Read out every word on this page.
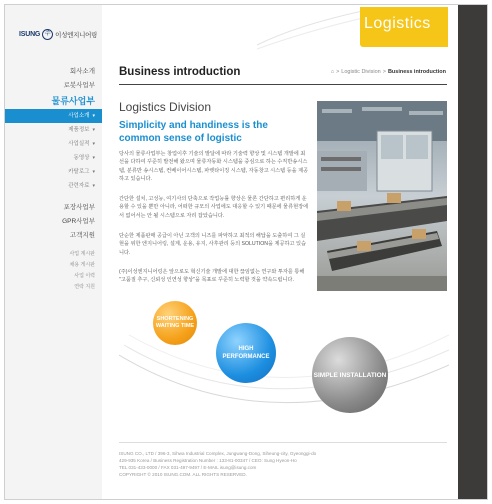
ISUNG 주 이성엔지니어링
회사소개
로봇사업부
물류사업부
사업소개 ▾
제품정보 ▾
사업실적 ▾
동영상 ▾
카탈로그 ▾
관련자료 ▾
포장사업부
GPR사업부
고객지원
사업 계시판
채용 게시판
사업 이력
연락 지원
Logistics
Business introduction	⌂ > Logistic Division > Business introduction
Logistics Division
Simplicity and handiness is the common sense of logistic
당사의 물류사업부는 창업이후 기술의 발달에 따라 기술력 향상 및 시스템 개발에 최선을 다하여 꾸준히 발전해 왔으며 물류자동화 시스템을 중심으로 하는 수직반송시스템, 분류반 송시스템, 컨베이어시스템, 파렛타이징 시스템, 자동창고 시스템 등을 제공하고 있습니다.
간단한 설치, 고성능, 여기사의 단축으로 작업능률 향상은 물론 간단하고 편리하게 운용할 수 있을 뿐만 아니라, 어떠한 규모의 사업에도 대응할 수 있기 때문에 물류현장에서 없어서는 안 될 시스템으로 자리 잡았습니다.
단순한 제품판매 공급이 아닌 고객의 니즈를 파악하고 최적의 해답을 도출하여 그 실현을 위한 엔지니어링, 설계, 운용, 유지, 사후관리 등의 SOLUTION을 제공하고 있습니다.
(주)이성엔지니어링은 앞으로도 혁신기술 개발에 대한 끊임없는 연구와 투자를 통해 "고품질 추구, 신뢰성 인연성 향상"을 목표로 꾸준히 노력할 것을 약속드립니다.
SHORTENING WAITING TIME
HIGH PERFORMANCE
SIMPLE INSTALLATION
ISUNG CO., LTD / 396-3, Sihwa Industrial Complex, Jungwang-Dong, Siheung-city, Gyeonggi-do
429-935 Korea / Business Registration Number : 133-81-00347 / CEO: Sung Hyeon-Ho
TEL 031-433-0000 / FAX 031-497-9497 / E-MAIL isung@isung.com
COPYRIGHT © 2010 ISUNG.COM. ALL RIGHTS RESERVED.
